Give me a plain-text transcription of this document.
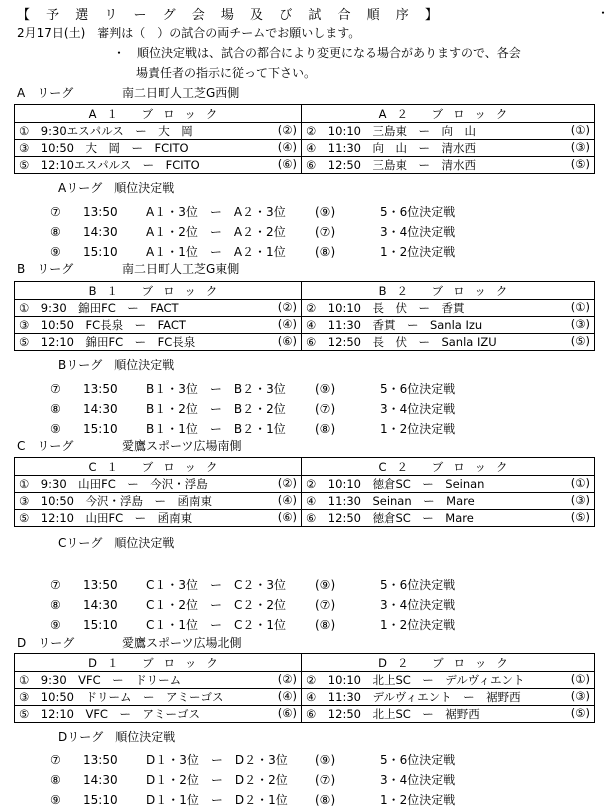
【 予 選 リ ー グ 会 場 及 び 試 合 順 序 】	・
2月17日(土)　審判は（　）の試合の両チームでお願いします。
・　順位決定戦は、試合の都合により変更になる場合がありますので、各会
場責任者の指示に従って下さい。
A　リーグ	南二日町人工芝G西側
A１ ブロック	A２ ブロック

①　9:30エスパルス　ー　大　岡 (②)	②　10:10　三島東　ー　向　山 (①)

③　10:50　大　岡　ー　FCITO (④)	④　11:30　向　山　ー　清水西 (③)

⑤　12:10エスパルス　ー　FCITO (⑥)	⑥　12:50　三島東　ー　清水西 (⑤)
Aリーグ　順位決定戦
⑦ 13:50 A１・3位　ー　A２・3位 (⑨)	5・6位決定戦
⑧ 14:30 A１・2位　ー　A２・2位 (⑦)	3・4位決定戦
⑨ 15:10 A１・1位　ー　A２・1位 (⑧)	1・2位決定戦
B　リーグ	南二日町人工芝G東側
B１ ブロック	B２ ブロック

①　9:30　錦田FC　ー　FACT (②)	②　10:10　長　伏　ー　香貫 (①)

③　10:50　FC長泉　ー　FACT (④)	④　11:30　香貫　ー　Sanla Izu (③)

⑤　12:10　錦田FC　ー　FC長泉 (⑥)	⑥　12:50　長　伏　ー　Sanla IZU (⑤)
Bリーグ　順位決定戦
⑦ 13:50 B１・3位　ー　B２・3位 (⑨)	5・6位決定戦
⑧ 14:30 B１・2位　ー　B２・2位 (⑦)	3・4位決定戦
⑨ 15:10 B１・1位　ー　B２・1位 (⑧)	1・2位決定戦
C　リーグ	愛鷹スポーツ広場南側
C１ ブロック	C２ ブロック

①　9:30　山田FC　ー　今沢・浮島 (②)	②　10:10　徳倉SC　ー　Seinan (①)

③　10:50　今沢・浮島　ー　函南東 (④)	④　11:30　Seinan　ー　Mare (③)

⑤　12:10　山田FC　ー　函南東 (⑥)	⑥　12:50　徳倉SC　ー　Mare (⑤)
Cリーグ　順位決定戦
⑦ 13:50 C１・3位　ー　C２・3位 (⑨)	5・6位決定戦
⑧ 14:30 C１・2位　ー　C２・2位 (⑦)	3・4位決定戦
⑨ 15:10 C１・1位　ー　C２・1位 (⑧)	1・2位決定戦
D　リーグ	愛鷹スポーツ広場北側
D１ ブロック	D２ ブロック

①　9:30　VFC　ー　ドリーム (②)	②　10:10　北上SC　ー　デルヴィエント (①)

③　10:50　ドリーム　ー　アミーゴス (④)	④　11:30　デルヴィエント　ー　裾野西 (③)

⑤　12:10　VFC　ー　アミーゴス (⑥)	⑥　12:50　北上SC　ー　裾野西 (⑤)
Dリーグ　順位決定戦
⑦ 13:50 D１・3位　ー　D２・3位 (⑨)	5・6位決定戦
⑧ 14:30 D１・2位　ー　D２・2位 (⑦)	3・4位決定戦
⑨ 15:10 D１・1位　ー　D２・1位 (⑧)	1・2位決定戦
